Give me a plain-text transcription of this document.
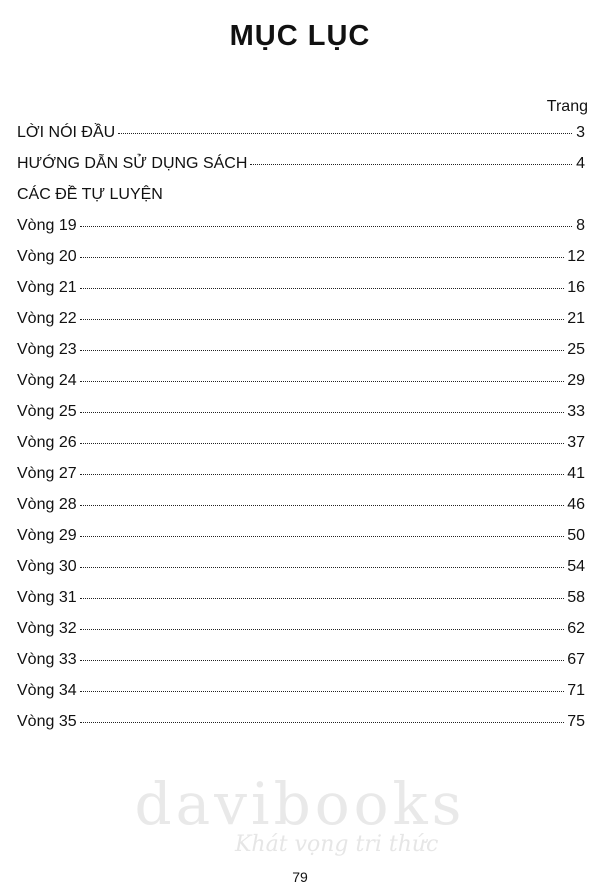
MỤC LỤC
Trang
LỜI NÓI ĐẦU	3
HƯỚNG DẪN SỬ DỤNG SÁCH	4
CÁC ĐỀ TỰ LUYỆN
Vòng 19	8
Vòng 20	12
Vòng 21	16
Vòng 22	21
Vòng 23	25
Vòng 24	29
Vòng 25	33
Vòng 26	37
Vòng 27	41
Vòng 28	46
Vòng 29	50
Vòng 30	54
Vòng 31	58
Vòng 32	62
Vòng 33	67
Vòng 34	71
Vòng 35	75
davibooks
Khát vọng tri thức
79
